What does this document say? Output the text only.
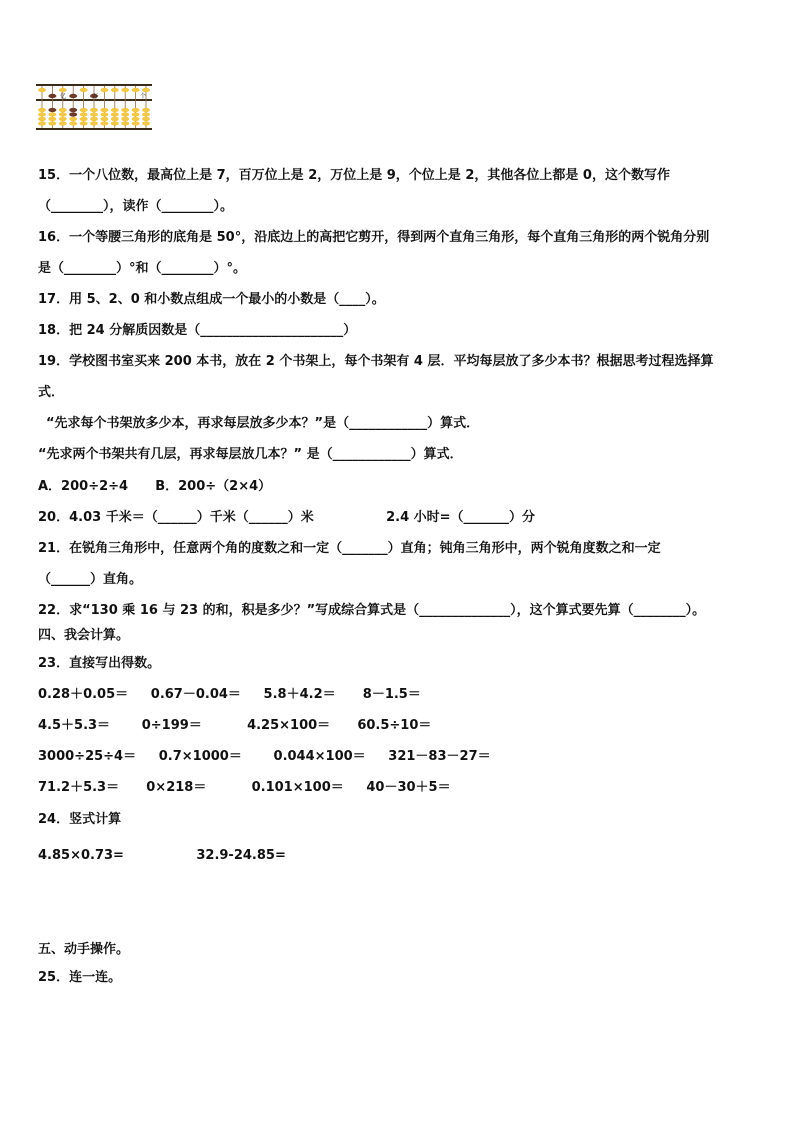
亿	万	个
15．一个八位数，最高位上是 7，百万位上是 2，万位上是 9，个位上是 2，其他各位上都是 0，这个数写作
（________），读作（________）。
16．一个等腰三角形的底角是 50°，沿底边上的高把它剪开，得到两个直角三角形，每个直角三角形的两个锐角分别
是（________）°和（________）°。
17．用 5、2、0 和小数点组成一个最小的小数是（____）。
18．把 24 分解质因数是（______________________）
19．学校图书室买来 200 本书，放在 2 个书架上，每个书架有 4 层．平均每层放了多少本书？根据思考过程选择算
式．
“先求每个书架放多少本，再求每层放多少本？”是（____________）算式．
“先求两个书架共有几层，再求每层放几本？” 是（____________）算式．
A．200÷2÷4      B．200÷（2×4）
20．4.03 千米＝（______）千米（______）米                2.4 小时=（_______）分
21．在锐角三角形中，任意两个角的度数之和一定（_______）直角；钝角三角形中，两个锐角度数之和一定
（______）直角。
22．求“130 乘 16 与 23 的和，积是多少？”写成综合算式是（______________），这个算式要先算（________）。
四、我会计算。
23．直接写出得数。
0.28＋0.05＝     0.67－0.04＝     5.8＋4.2＝      8－1.5＝
4.5＋5.3＝       0÷199＝          4.25×100＝      60.5÷10＝
3000÷25÷4＝     0.7×1000＝       0.044×100＝     321－83－27＝
71.2＋5.3＝      0×218＝          0.101×100＝     40－30＋5＝
24．竖式计算
4.85×0.73=                32.9-24.85=
五、动手操作。
25．连一连。
